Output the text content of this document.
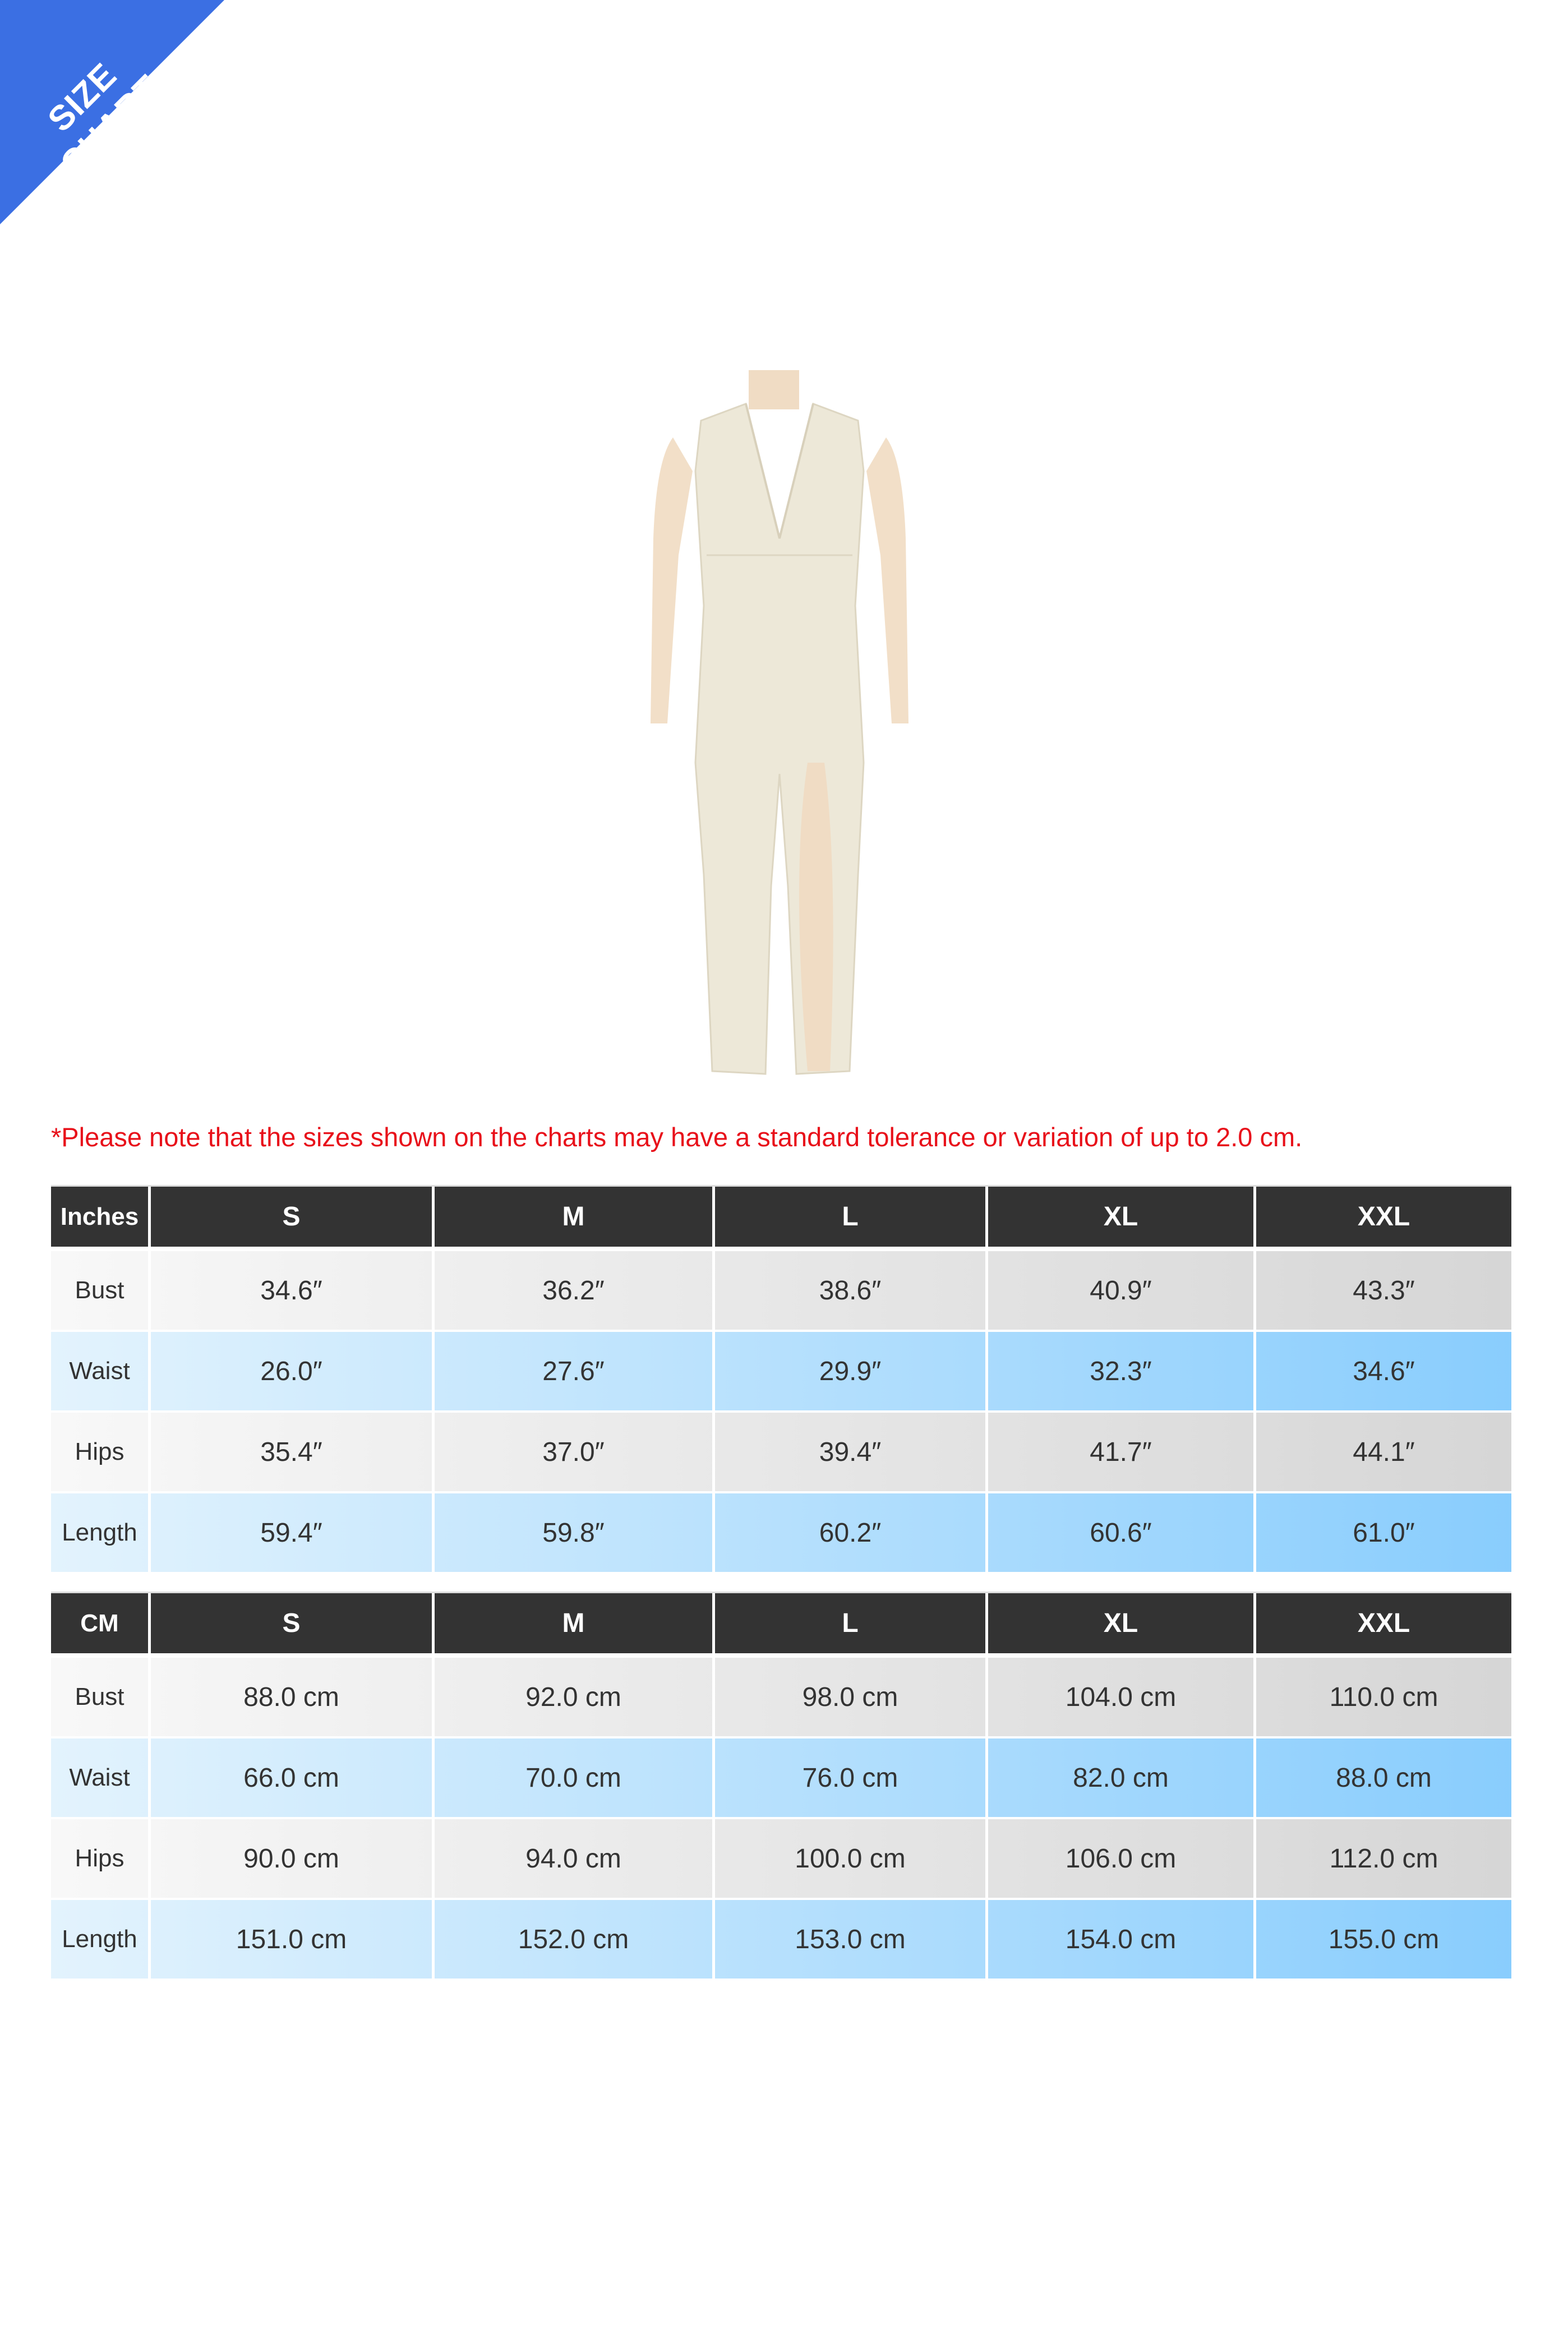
SIZE CHART
*Please note that the sizes shown on the charts may have a standard tolerance or variation of up to 2.0 cm.
Inches	S	M	L	XL	XXL
Bust	34.6″	36.2″	38.6″	40.9″	43.3″
Waist	26.0″	27.6″	29.9″	32.3″	34.6″
Hips	35.4″	37.0″	39.4″	41.7″	44.1″
Length	59.4″	59.8″	60.2″	60.6″	61.0″
CM	S	M	L	XL	XXL
Bust	88.0 cm	92.0 cm	98.0 cm	104.0 cm	110.0 cm
Waist	66.0 cm	70.0 cm	76.0 cm	82.0 cm	88.0 cm
Hips	90.0 cm	94.0 cm	100.0 cm	106.0 cm	112.0 cm
Length	151.0 cm	152.0 cm	153.0 cm	154.0 cm	155.0 cm
